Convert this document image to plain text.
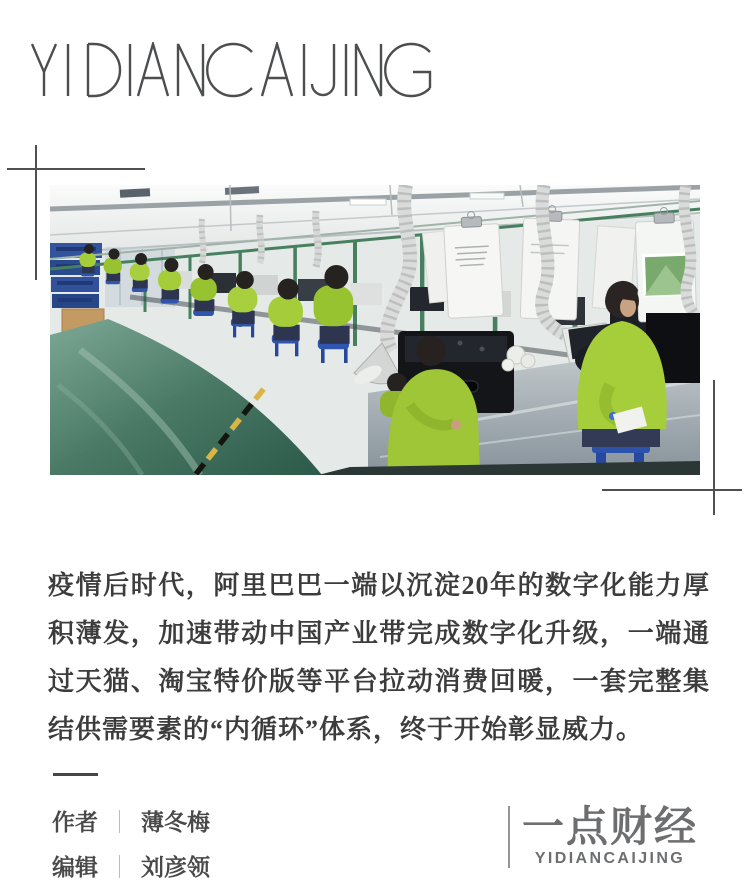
疫情后时代，阿里巴巴一端以沉淀20年的数字化能力厚积薄发，加速带动中国产业带完成数字化升级，一端通过天猫、淘宝特价版等平台拉动消费回暖，一套完整集结供需要素的“内循环”体系，终于开始彰显威力。

作者 ｜ 薄冬梅
编辑 ｜ 刘彦领
一点财经
YIDIANCAIJING
